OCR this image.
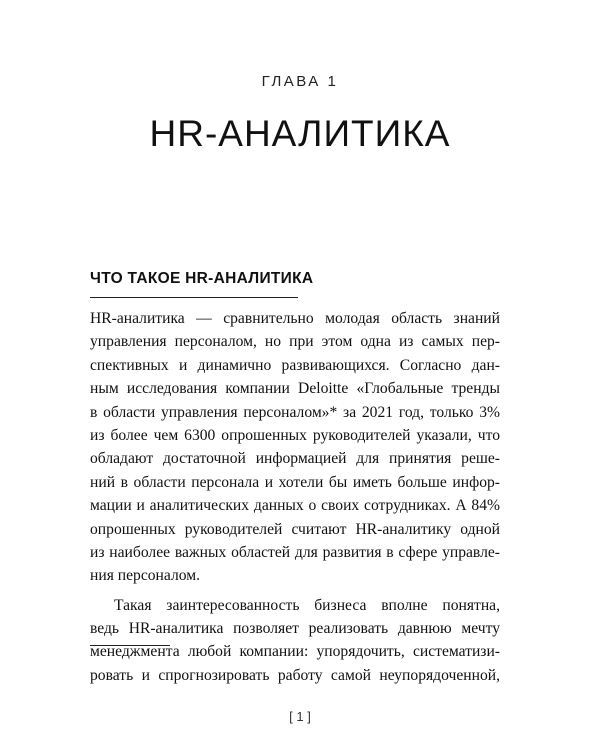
ГЛАВА 1
HR-АНАЛИТИКА
ЧТО ТАКОЕ HR-АНАЛИТИКА
HR-аналитика — сравнительно молодая область знаний
управления персоналом, но при этом одна из самых пер-
спективных и динамично развивающихся. Согласно дан-
ным исследования компании Deloitte «Глобальные тренды
в области управления персоналом»* за 2021 год, только 3%
из более чем 6300 опрошенных руководителей указали, что
обладают достаточной информацией для принятия реше-
ний в области персонала и хотели бы иметь больше инфор-
мации и аналитических данных о своих сотрудниках. А 84%
опрошенных руководителей считают HR-аналитику одной
из наиболее важных областей для развития в сфере управле-
ния персоналом.
Такая заинтересованность бизнеса вполне понятна,
ведь HR-аналитика позволяет реализовать давнюю мечту
менеджмента любой компании: упорядочить, систематизи-
ровать и спрогнозировать работу самой неупорядоченной,
[ 1 ]
